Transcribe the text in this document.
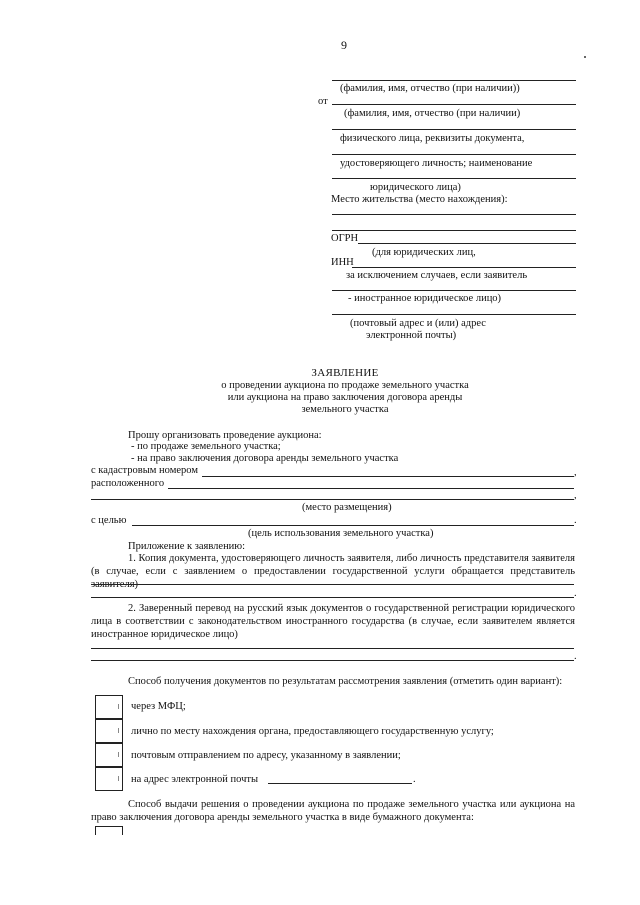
9
(фамилия, имя, отчество (при наличии))
от
(фамилия, имя, отчество (при наличии)
физического лица, реквизиты документа,
удостоверяющего личность; наименование
юридического лица)
Место жительства (место нахождения):
ОГРН
(для юридических лиц,
ИНН
за исключением случаев, если заявитель
- иностранное юридическое лицо)
(почтовый адрес и (или) адрес
электронной почты)
ЗАЯВЛЕНИЕ
о проведении аукциона по продаже земельного участка
или аукциона на право заключения договора аренды
земельного участка
Прошу организовать проведение аукциона:
- по продаже земельного участка;
- на право заключения договора аренды земельного участка
с кадастровым номером	,
расположенного
,
(место размещения)
с целью	.
(цель использования земельного участка)
Приложение к заявлению:
1. Копия документа, удостоверяющего личность заявителя, либо личность представителя заявителя (в случае, если с заявлением о предоставлении государственной услуги обращается представитель заявителя)
.
2. Заверенный перевод на русский язык документов о государственной регистрации юридического лица в соответствии с законодательством иностранного государства (в случае, если заявителем является иностранное юридическое лицо)
.
Способ получения документов по результатам рассмотрения заявления (отметить один вариант):
через МФЦ;
лично по месту нахождения органа, предоставляющего государственную услугу;
почтовым отправлением по адресу, указанному в заявлении;
на адрес электронной почты	.
Способ выдачи решения о проведении аукциона по продаже земельного участка или аукциона на право заключения договора аренды земельного участка в виде бумажного документа:
